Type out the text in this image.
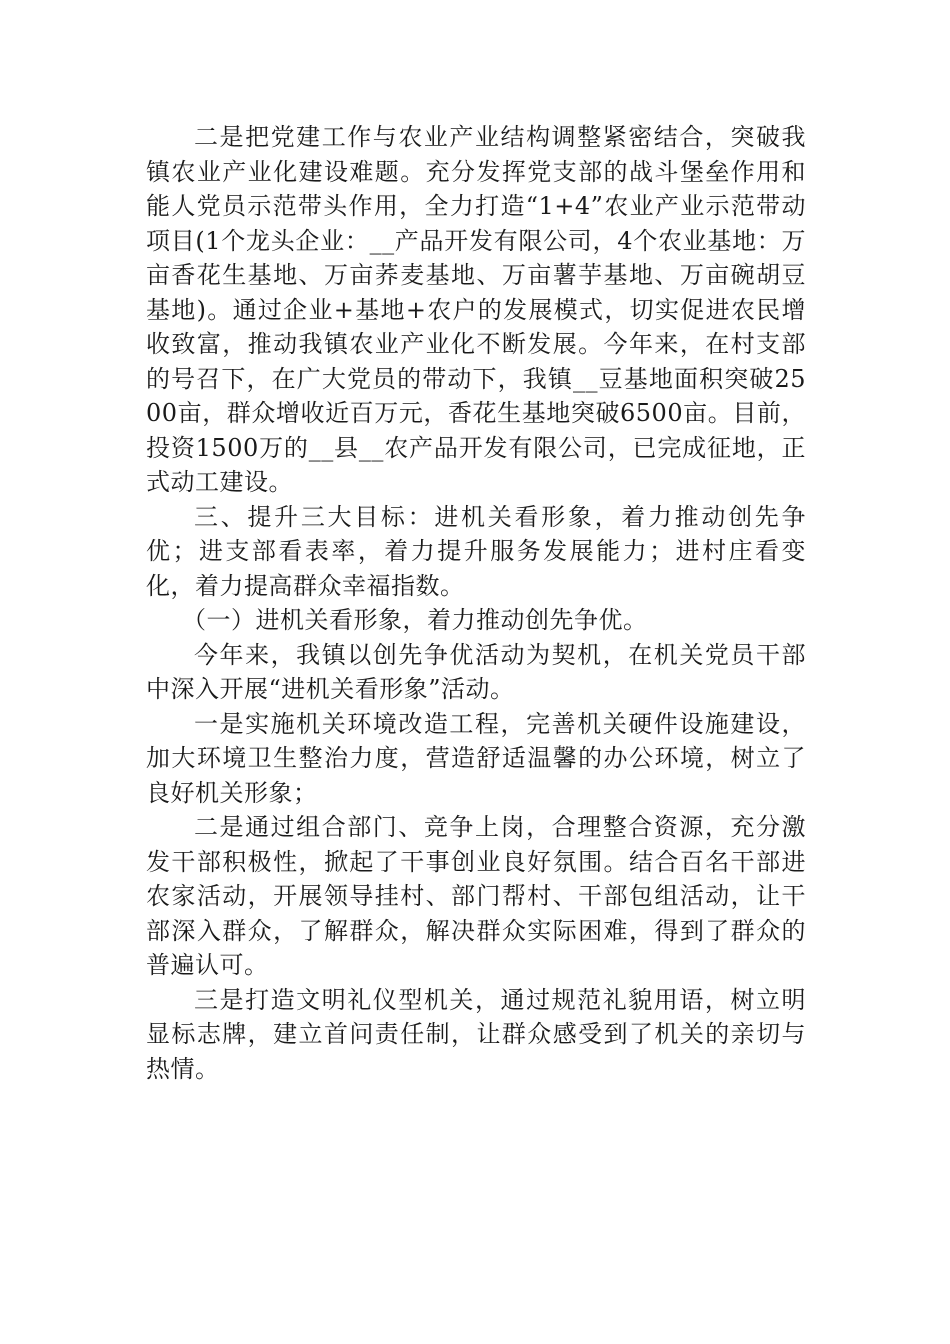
二是把党建工作与农业产业结构调整紧密结合，突破我镇农业产业化建设难题。充分发挥党支部的战斗堡垒作用和能人党员示范带头作用，全力打造“1+4”农业产业示范带动项目(1个龙头企业：__产品开发有限公司，4个农业基地：万亩香花生基地、万亩荞麦基地、万亩薯芋基地、万亩碗胡豆基地)。通过企业+基地+农户的发展模式，切实促进农民增收致富，推动我镇农业产业化不断发展。今年来，在村支部的号召下，在广大党员的带动下，我镇__豆基地面积突破2500亩，群众增收近百万元，香花生基地突破6500亩。目前，投资1500万的__县__农产品开发有限公司，已完成征地，正式动工建设。

三、提升三大目标：进机关看形象，着力推动创先争优；进支部看表率，着力提升服务发展能力；进村庄看变化，着力提高群众幸福指数。

（一）进机关看形象，着力推动创先争优。

今年来，我镇以创先争优活动为契机，在机关党员干部中深入开展“进机关看形象”活动。

一是实施机关环境改造工程，完善机关硬件设施建设，加大环境卫生整治力度，营造舒适温馨的办公环境，树立了良好机关形象；

二是通过组合部门、竞争上岗，合理整合资源，充分激发干部积极性，掀起了干事创业良好氛围。结合百名干部进农家活动，开展领导挂村、部门帮村、干部包组活动，让干部深入群众，了解群众，解决群众实际困难，得到了群众的普遍认可。

三是打造文明礼仪型机关，通过规范礼貌用语，树立明显标志牌，建立首问责任制，让群众感受到了机关的亲切与热情。
